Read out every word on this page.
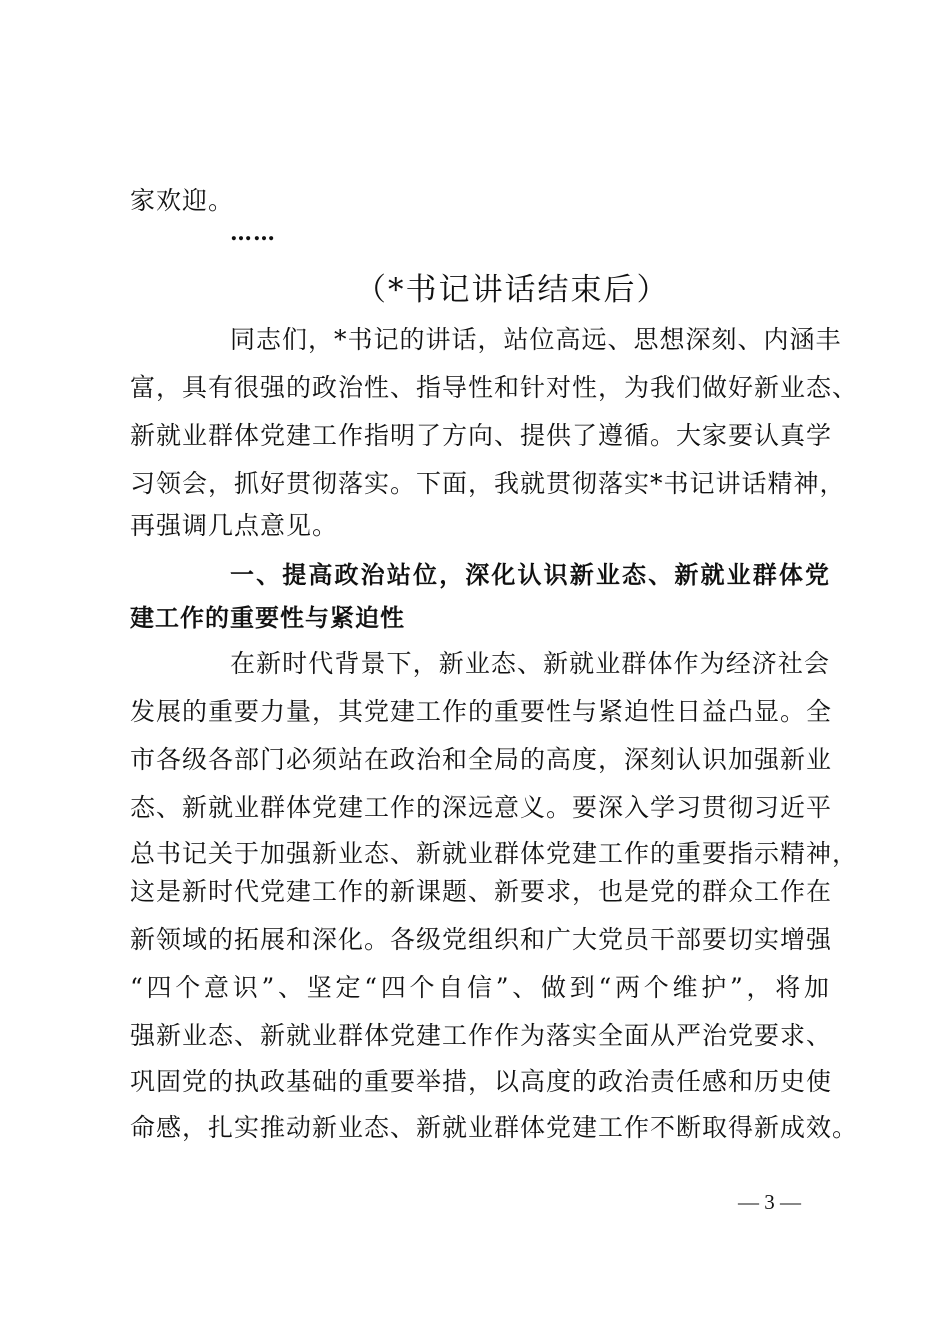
家欢迎。
……
（*书记讲话结束后）
同志们，*书记的讲话，站位高远、思想深刻、内涵丰
富，具有很强的政治性、指导性和针对性，为我们做好新业态、
新就业群体党建工作指明了方向、提供了遵循。大家要认真学
习领会，抓好贯彻落实。下面，我就贯彻落实*书记讲话精神，
再强调几点意见。
一、提高政治站位，深化认识新业态、新就业群体党
建工作的重要性与紧迫性
在新时代背景下，新业态、新就业群体作为经济社会
发展的重要力量，其党建工作的重要性与紧迫性日益凸显。全
市各级各部门必须站在政治和全局的高度，深刻认识加强新业
态、新就业群体党建工作的深远意义。要深入学习贯彻习近平
总书记关于加强新业态、新就业群体党建工作的重要指示精神，
这是新时代党建工作的新课题、新要求，也是党的群众工作在
新领域的拓展和深化。各级党组织和广大党员干部要切实增强
“四个意识”、坚定“四个自信”、做到“两个维护”，将加
强新业态、新就业群体党建工作作为落实全面从严治党要求、
巩固党的执政基础的重要举措，以高度的政治责任感和历史使
命感，扎实推动新业态、新就业群体党建工作不断取得新成效。
— 3 —
